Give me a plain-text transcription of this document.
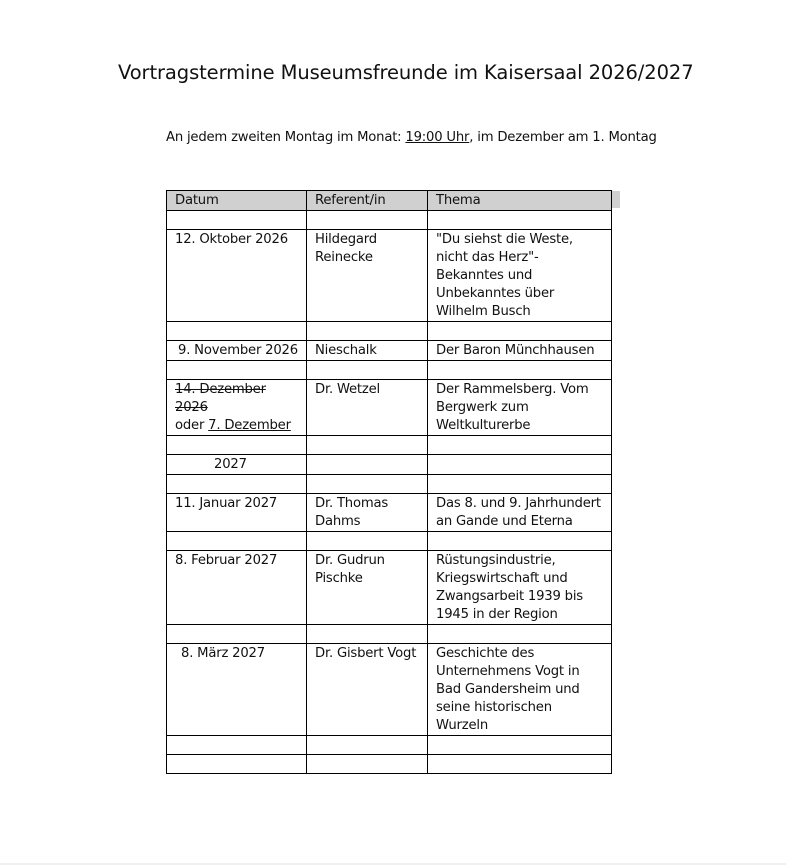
Vortragstermine Museumsfreunde im Kaisersaal 2026/2027
An jedem zweiten Montag im Monat: 19:00 Uhr, im Dezember am 1. Montag
Datum	Referent/in	Thema

12. Oktober 2026	Hildegard Reinecke	"Du siehst die Weste, nicht das Herz"- Bekanntes und Unbekanntes über Wilhelm Busch

9. November 2026	Nieschalk	Der Baron Münchhausen

14. Dezember 2026
oder 7. Dezember	Dr. Wetzel	Der Rammelsberg. Vom Bergwerk zum Weltkulturerbe

2027		

11. Januar 2027	Dr. Thomas Dahms	Das 8. und 9. Jahrhundert an Gande und Eterna

8. Februar 2027	Dr. Gudrun Pischke	Rüstungsindustrie, Kriegswirtschaft und Zwangsarbeit 1939 bis 1945 in der Region

8. März 2027	Dr. Gisbert Vogt	Geschichte des Unternehmens Vogt in Bad Gandersheim und seine historischen Wurzeln
